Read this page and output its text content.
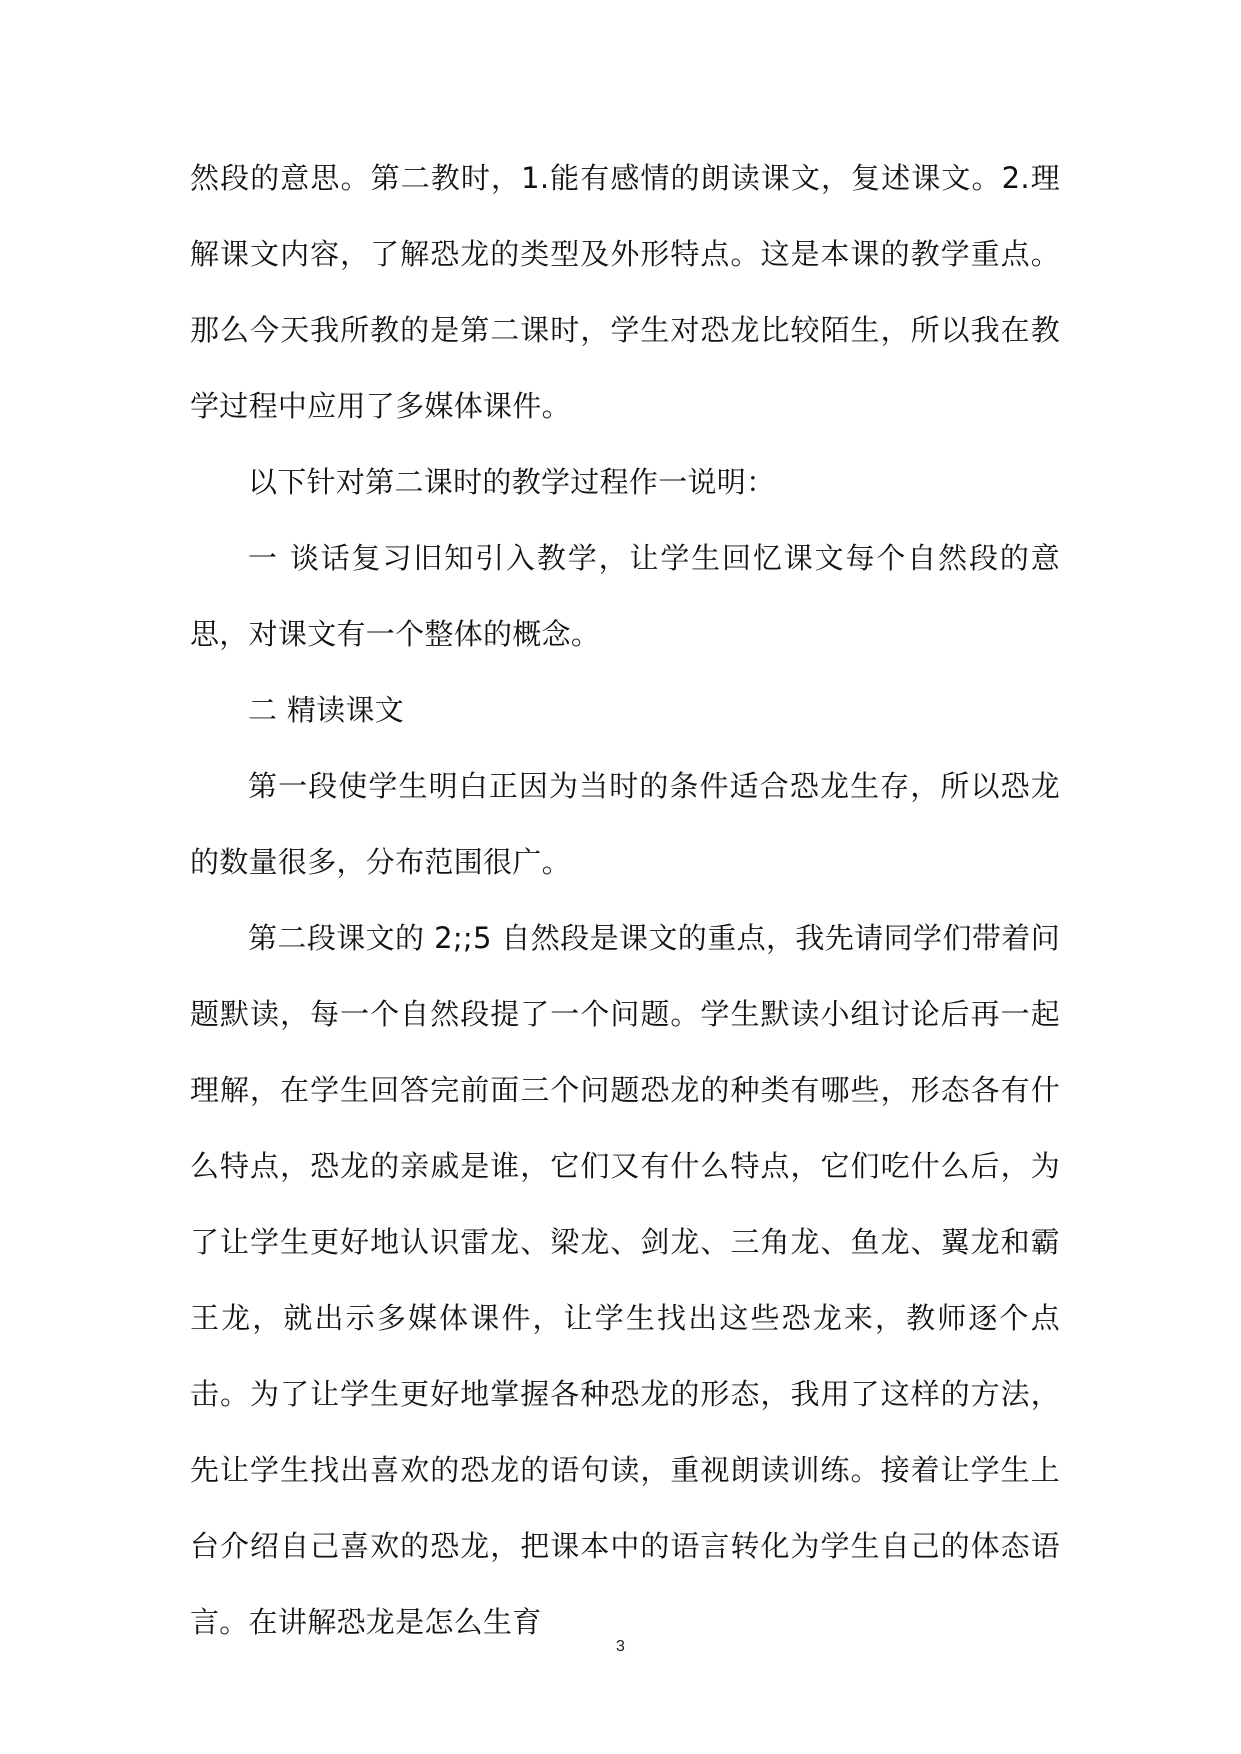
然段的意思。第二教时，1.能有感情的朗读课文，复述课文。2.理解课文内容，了解恐龙的类型及外形特点。这是本课的教学重点。那么今天我所教的是第二课时，学生对恐龙比较陌生，所以我在教学过程中应用了多媒体课件。

以下针对第二课时的教学过程作一说明：

一 谈话复习旧知引入教学，让学生回忆课文每个自然段的意思，对课文有一个整体的概念。

二 精读课文

第一段使学生明白正因为当时的条件适合恐龙生存，所以恐龙的数量很多，分布范围很广。

第二段课文的 2;;5 自然段是课文的重点，我先请同学们带着问题默读，每一个自然段提了一个问题。学生默读小组讨论后再一起理解，在学生回答完前面三个问题恐龙的种类有哪些，形态各有什么特点，恐龙的亲戚是谁，它们又有什么特点，它们吃什么后，为了让学生更好地认识雷龙、梁龙、剑龙、三角龙、鱼龙、翼龙和霸王龙，就出示多媒体课件，让学生找出这些恐龙来，教师逐个点击。为了让学生更好地掌握各种恐龙的形态，我用了这样的方法，先让学生找出喜欢的恐龙的语句读，重视朗读训练。接着让学生上台介绍自己喜欢的恐龙，把课本中的语言转化为学生自己的体态语言。在讲解恐龙是怎么生育

3
